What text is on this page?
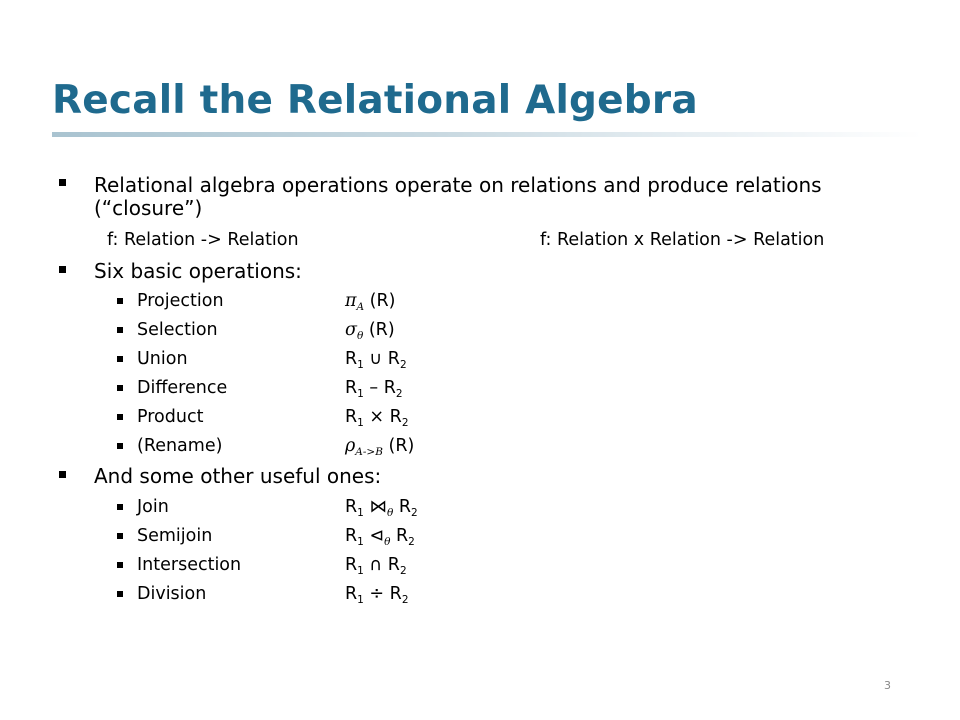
Recall the Relational Algebra
Relational algebra operations operate on relations and produce relations
(“closure”)
f: Relation -> Relation	f: Relation x Relation -> Relation
Six basic operations:
Projection	$\pi_A$ (R)
Selection	$\sigma_\theta$ (R)
Union	$R_1$ ∪ $R_2$
Difference	$R_1 - R_2$
Product	$R_1 \times R_2$
(Rename)	$\rho_{A->B}$ (R)
And some other useful ones:
Join	$R_1$ $⋈_\theta$ $R_2$
Semijoin	$R_1$ $⊲_\theta$ $R_2$
Intersection	$R_1$ ∩ $R_2$
Division	$R_1 \div R_2$
3
